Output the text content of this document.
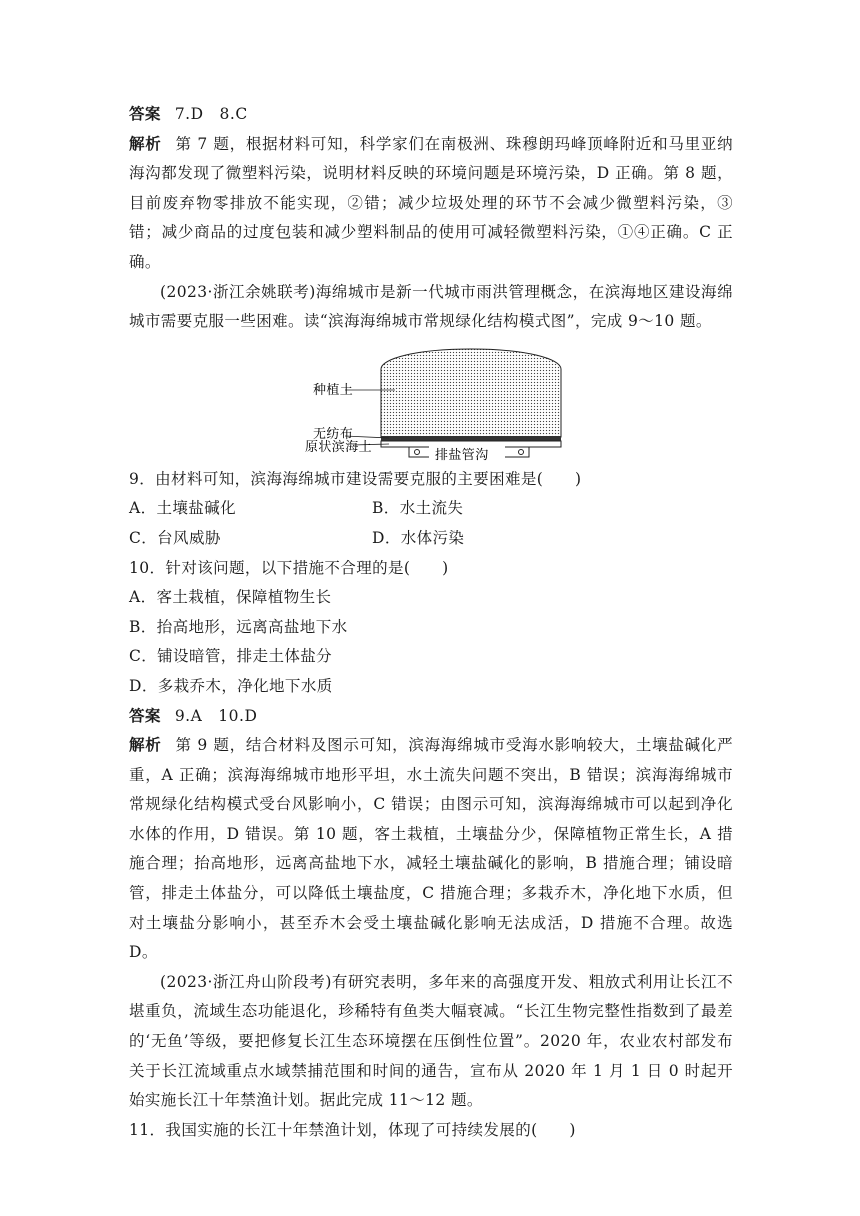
答案 7.D　8.C

解析 第 7 题，根据材料可知，科学家们在南极洲、珠穆朗玛峰顶峰附近和马里亚纳海沟都发现了微塑料污染，说明材料反映的环境问题是环境污染，D 正确。第 8 题，目前废弃物零排放不能实现，②错；减少垃圾处理的环节不会减少微塑料污染，③错；减少商品的过度包装和减少塑料制品的使用可减轻微塑料污染，①④正确。C 正确。

(2023·浙江余姚联考)海绵城市是新一代城市雨洪管理概念，在滨海地区建设海绵城市需要克服一些困难。读“滨海海绵城市常规绿化结构模式图”，完成 9～10 题。

种植土
无纺布
原状滨海土
排盐管沟

9．由材料可知，滨海海绵城市建设需要克服的主要困难是(　　)

A．土壤盐碱化	B．水土流失
C．台风威胁	D．水体污染

10．针对该问题，以下措施不合理的是(　　)

A．客土栽植，保障植物生长

B．抬高地形，远离高盐地下水

C．铺设暗管，排走土体盐分

D．多栽乔木，净化地下水质

答案 9.A　10.D

解析 第 9 题，结合材料及图示可知，滨海海绵城市受海水影响较大，土壤盐碱化严重，A 正确；滨海海绵城市地形平坦，水土流失问题不突出，B 错误；滨海海绵城市常规绿化结构模式受台风影响小，C 错误；由图示可知，滨海海绵城市可以起到净化水体的作用，D 错误。第 10 题，客土栽植，土壤盐分少，保障植物正常生长，A 措施合理；抬高地形，远离高盐地下水，减轻土壤盐碱化的影响，B 措施合理；铺设暗管，排走土体盐分，可以降低土壤盐度，C 措施合理；多栽乔木，净化地下水质，但对土壤盐分影响小，甚至乔木会受土壤盐碱化影响无法成活，D 措施不合理。故选 D。

(2023·浙江舟山阶段考)有研究表明，多年来的高强度开发、粗放式利用让长江不堪重负，流域生态功能退化，珍稀特有鱼类大幅衰减。“长江生物完整性指数到了最差的‘无鱼’等级，要把修复长江生态环境摆在压倒性位置”。2020 年，农业农村部发布关于长江流域重点水域禁捕范围和时间的通告，宣布从 2020 年 1 月 1 日 0 时起开始实施长江十年禁渔计划。据此完成 11～12 题。

11．我国实施的长江十年禁渔计划，体现了可持续发展的(　　)
